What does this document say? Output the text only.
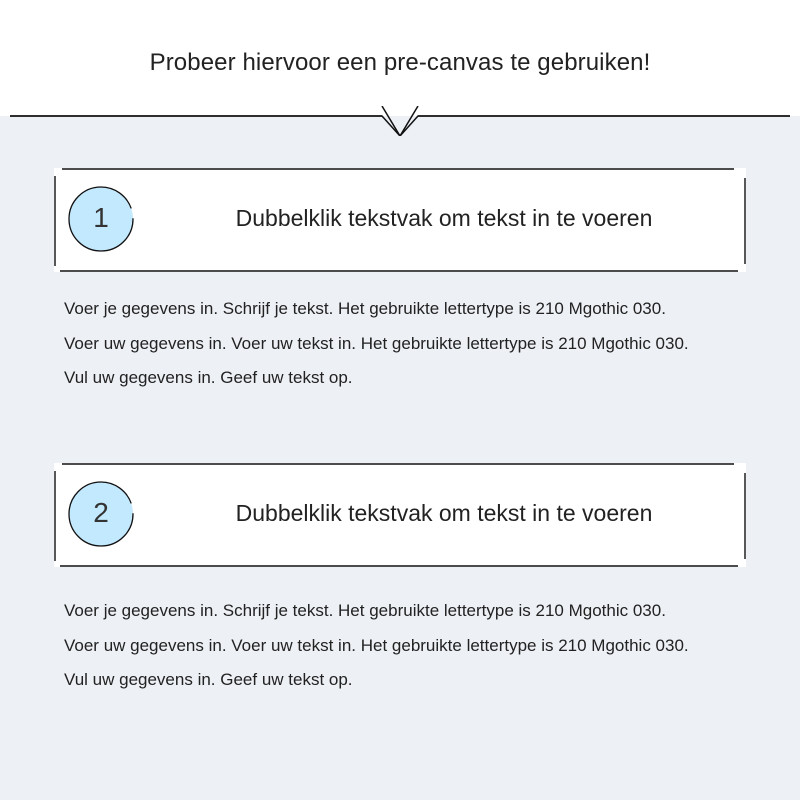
Probeer hiervoor een pre-canvas te gebruiken!
1	Dubbelklik tekstvak om tekst in te voeren
Voer je gegevens in. Schrijf je tekst. Het gebruikte lettertype is 210 Mgothic 030.
Voer uw gegevens in. Voer uw tekst in. Het gebruikte lettertype is 210 Mgothic 030.
Vul uw gegevens in. Geef uw tekst op.
2	Dubbelklik tekstvak om tekst in te voeren
Voer je gegevens in. Schrijf je tekst. Het gebruikte lettertype is 210 Mgothic 030.
Voer uw gegevens in. Voer uw tekst in. Het gebruikte lettertype is 210 Mgothic 030.
Vul uw gegevens in. Geef uw tekst op.
